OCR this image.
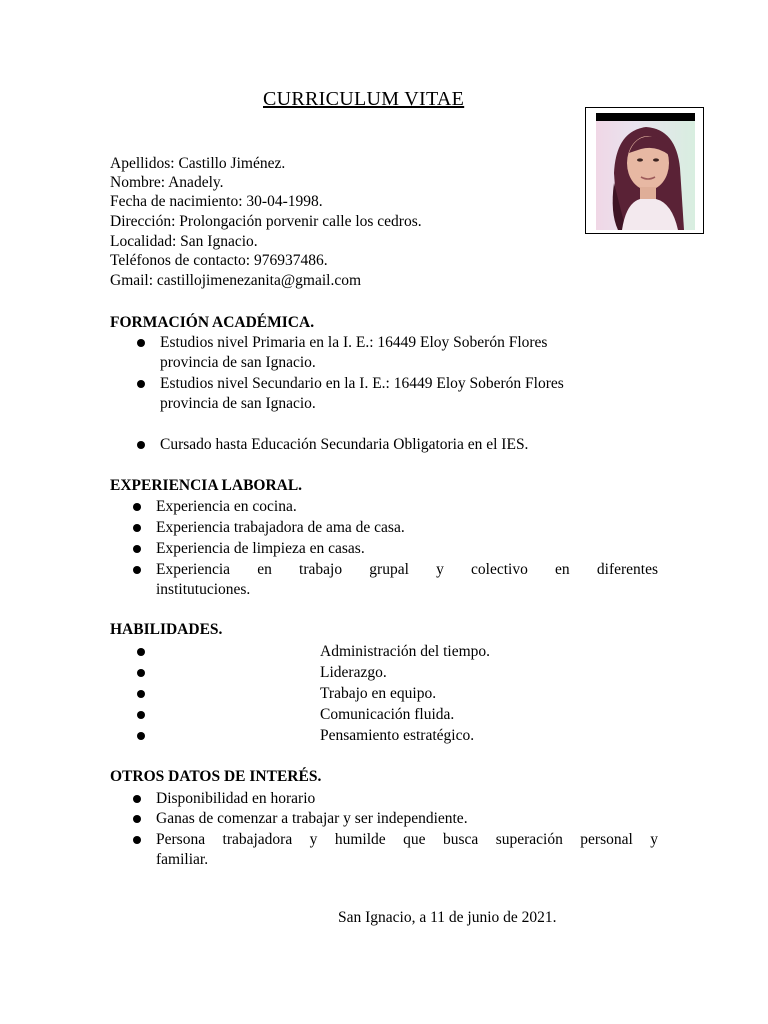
CURRICULUM VITAE
Apellidos: Castillo Jiménez.
Nombre: Anadely.
Fecha de nacimiento: 30-04-1998.
Dirección: Prolongación porvenir calle los cedros.
Localidad: San Ignacio.
Teléfonos de contacto: 976937486.
Gmail: castillojimenezanita@gmail.com
FORMACIÓN ACADÉMICA.
Estudios nivel Primaria en la I. E.: 16449 Eloy Soberón Flores
provincia de san Ignacio.
Estudios nivel Secundario en la I. E.: 16449 Eloy Soberón Flores
provincia de san Ignacio.
Cursado hasta Educación Secundaria Obligatoria en el IES.
EXPERIENCIA LABORAL.
Experiencia en cocina.
Experiencia trabajadora de ama de casa.
Experiencia de limpieza en casas.
Experiencia en trabajo grupal y colectivo en diferentes
institutuciones.
HABILIDADES.
Administración del tiempo.
Liderazgo.
Trabajo en equipo.
Comunicación fluida.
Pensamiento estratégico.
OTROS DATOS DE INTERÉS.
Disponibilidad en horario
Ganas de comenzar a trabajar y ser independiente.
Persona trabajadora y humilde que busca superación personal y
familiar.
San Ignacio, a 11 de junio de 2021.
